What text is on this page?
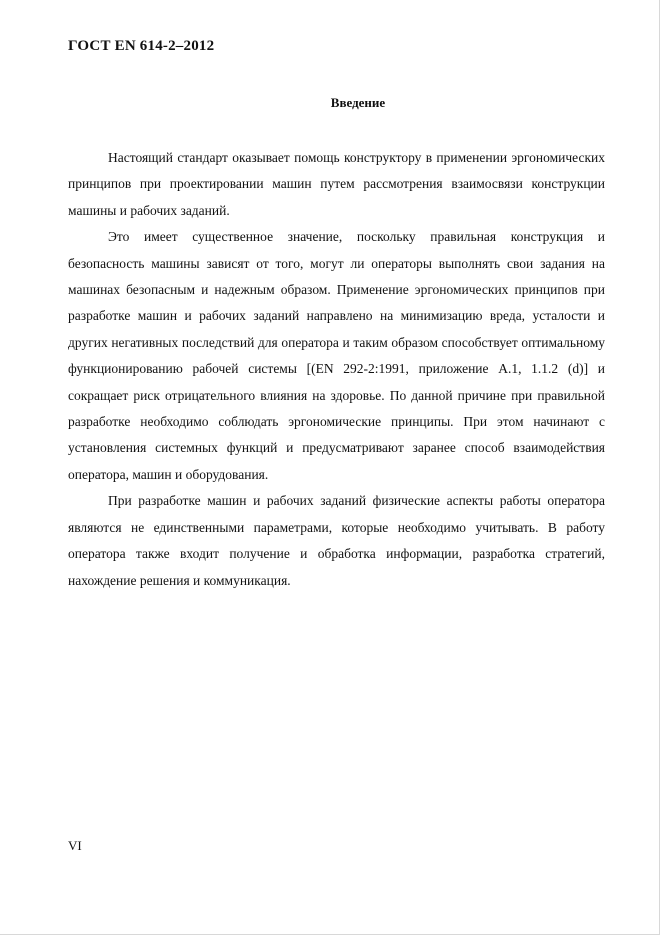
ГОСТ EN 614-2–2012
Введение

Настоящий стандарт оказывает помощь конструктору в применении эргономических принципов при проектировании машин путем рассмотрения взаимосвязи конструкции машины и рабочих заданий.

Это имеет существенное значение, поскольку правильная конструкция и безопасность машины зависят от того, могут ли операторы выполнять свои задания на машинах безопасным и надежным образом. Применение эргономических принципов при разработке машин и рабочих заданий направлено на минимизацию вреда, усталости и других негативных последствий для оператора и таким образом способствует оптимальному функционированию рабочей системы [(EN 292-2:1991, приложение А.1, 1.1.2 (d)] и сокращает риск отрицательного влияния на здоровье. По данной причине при правильной разработке необходимо соблюдать эргономические принципы. При этом начинают с установления системных функций и предусматривают заранее способ взаимодействия оператора, машин и оборудования.

При разработке машин и рабочих заданий физические аспекты работы оператора являются не единственными параметрами, которые необходимо учитывать. В работу оператора также входит получение и обработка информации, разработка стратегий, нахождение решения и коммуникация.

VI
